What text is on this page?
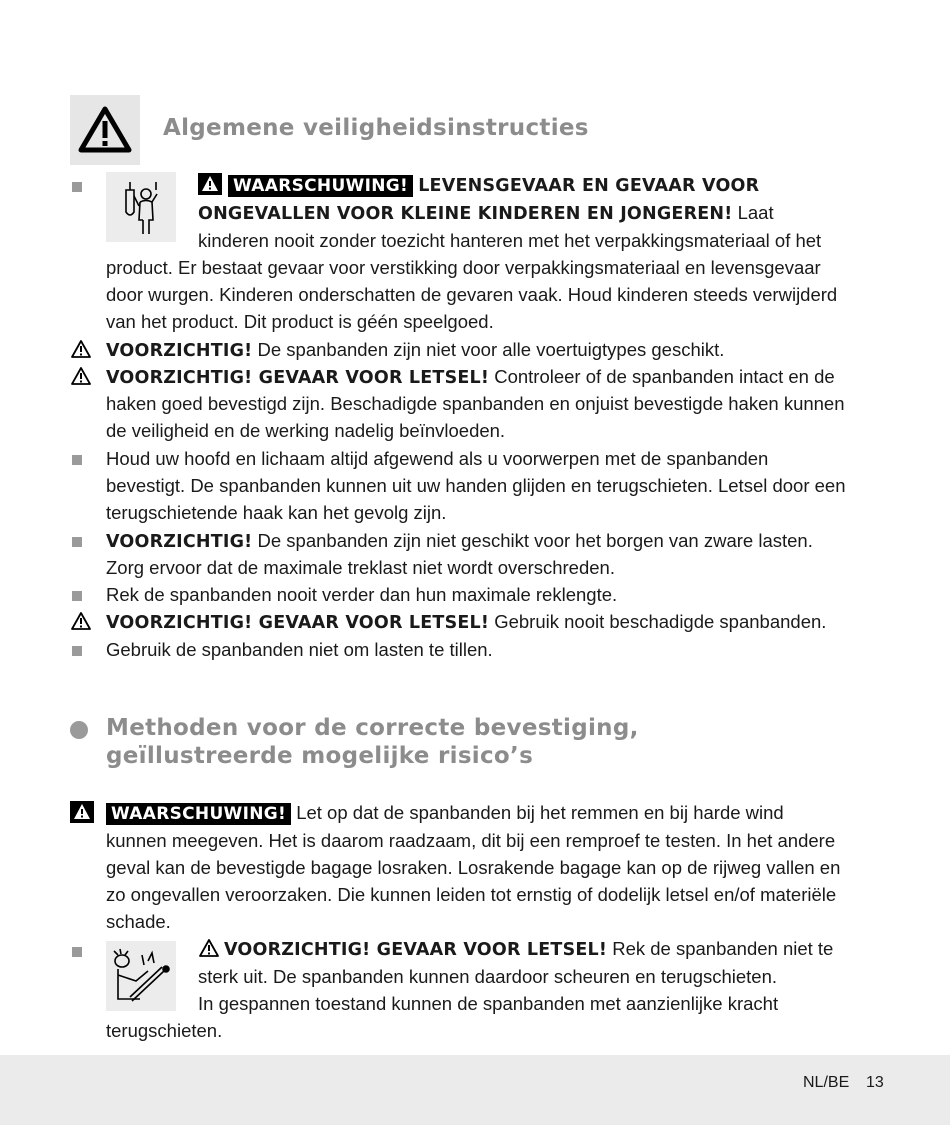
Algemene veiligheidsinstructies
WAARSCHUWING! LEVENSGEVAAR EN GEVAAR VOOR
ONGEVALLEN VOOR KLEINE KINDEREN EN JONGEREN! Laat
kinderen nooit zonder toezicht hanteren met het verpakkingsmateriaal of het
product. Er bestaat gevaar voor verstikking door verpakkingsmateriaal en levensgevaar
door wurgen. Kinderen onderschatten de gevaren vaak. Houd kinderen steeds verwijderd
van het product. Dit product is géén speelgoed.
VOORZICHTIG! De spanbanden zijn niet voor alle voertuigtypes geschikt.
VOORZICHTIG! GEVAAR VOOR LETSEL! Controleer of de spanbanden intact en de
haken goed bevestigd zijn. Beschadigde spanbanden en onjuist bevestigde haken kunnen
de veiligheid en de werking nadelig beïnvloeden.
Houd uw hoofd en lichaam altijd afgewend als u voorwerpen met de spanbanden
bevestigt. De spanbanden kunnen uit uw handen glijden en terugschieten. Letsel door een
terugschietende haak kan het gevolg zijn.
VOORZICHTIG! De spanbanden zijn niet geschikt voor het borgen van zware lasten.
Zorg ervoor dat de maximale treklast niet wordt overschreden.
Rek de spanbanden nooit verder dan hun maximale reklengte.
VOORZICHTIG! GEVAAR VOOR LETSEL! Gebruik nooit beschadigde spanbanden.
Gebruik de spanbanden niet om lasten te tillen.
Methoden voor de correcte bevestiging,
geïllustreerde mogelijke risico’s
WAARSCHUWING! Let op dat de spanbanden bij het remmen en bij harde wind
kunnen meegeven. Het is daarom raadzaam, dit bij een remproef te testen. In het andere
geval kan de bevestigde bagage losraken. Losrakende bagage kan op de rijweg vallen en
zo ongevallen veroorzaken. Die kunnen leiden tot ernstig of dodelijk letsel en/of materiële
schade.
VOORZICHTIG! GEVAAR VOOR LETSEL! Rek de spanbanden niet te
sterk uit. De spanbanden kunnen daardoor scheuren en terugschieten.
In gespannen toestand kunnen de spanbanden met aanzienlijke kracht
terugschieten.
NL/BE 13
